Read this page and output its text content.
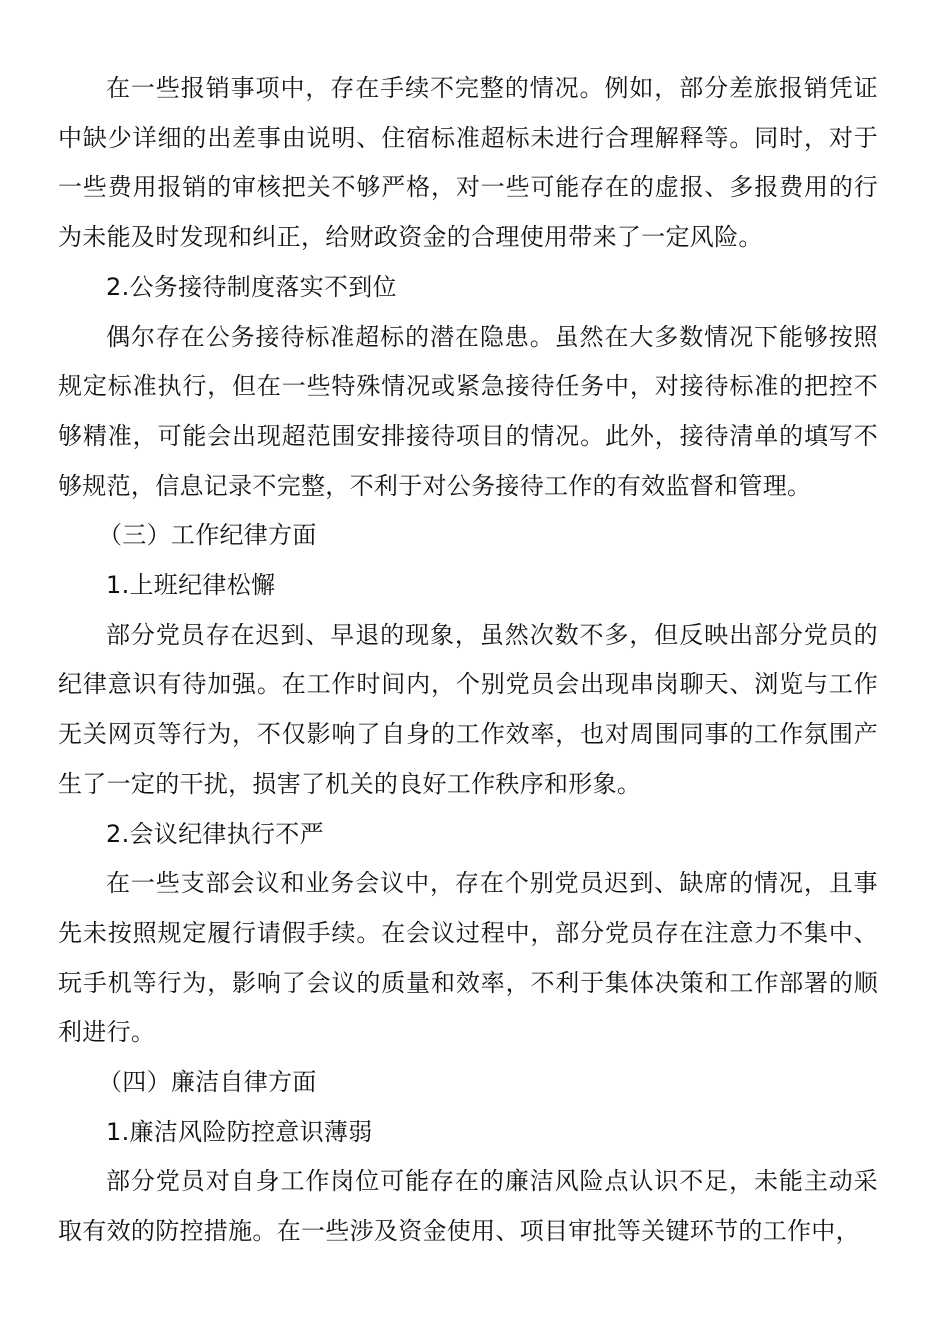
在一些报销事项中，存在手续不完整的情况。例如，部分差旅报销凭证中缺少详细的出差事由说明、住宿标准超标未进行合理解释等。同时，对于一些费用报销的审核把关不够严格，对一些可能存在的虚报、多报费用的行为未能及时发现和纠正，给财政资金的合理使用带来了一定风险。

2.公务接待制度落实不到位

偶尔存在公务接待标准超标的潜在隐患。虽然在大多数情况下能够按照规定标准执行，但在一些特殊情况或紧急接待任务中，对接待标准的把控不够精准，可能会出现超范围安排接待项目的情况。此外，接待清单的填写不够规范，信息记录不完整，不利于对公务接待工作的有效监督和管理。

（三）工作纪律方面

1.上班纪律松懈

部分党员存在迟到、早退的现象，虽然次数不多，但反映出部分党员的纪律意识有待加强。在工作时间内，个别党员会出现串岗聊天、浏览与工作无关网页等行为，不仅影响了自身的工作效率，也对周围同事的工作氛围产生了一定的干扰，损害了机关的良好工作秩序和形象。

2.会议纪律执行不严

在一些支部会议和业务会议中，存在个别党员迟到、缺席的情况，且事先未按照规定履行请假手续。在会议过程中，部分党员存在注意力不集中、玩手机等行为，影响了会议的质量和效率，不利于集体决策和工作部署的顺利进行。

（四）廉洁自律方面

1.廉洁风险防控意识薄弱

部分党员对自身工作岗位可能存在的廉洁风险点认识不足，未能主动采取有效的防控措施。在一些涉及资金使用、项目审批等关键环节的工作中，
